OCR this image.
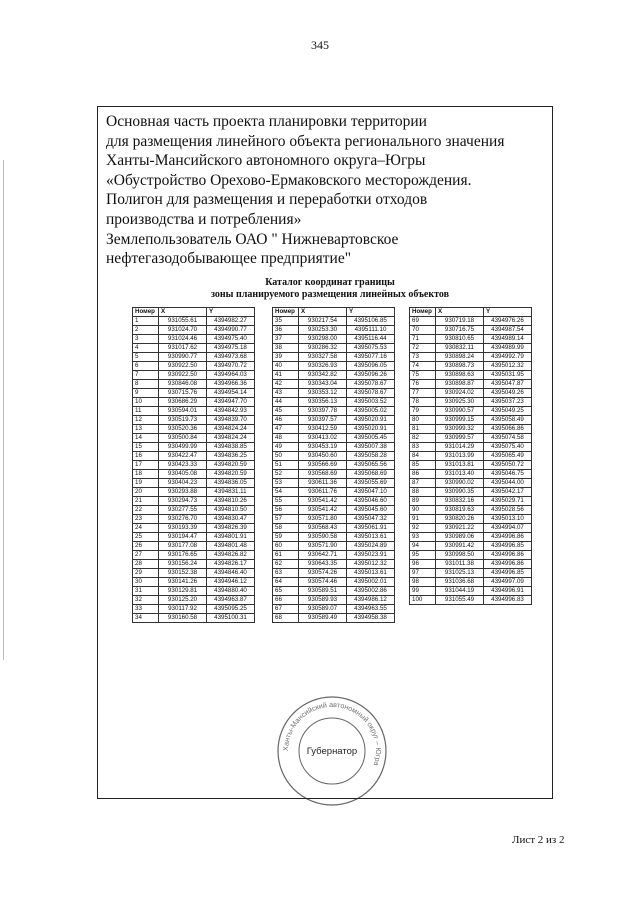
345
Основная часть проекта планировки территории
для размещения линейного объекта регионального значения
Ханты-Мансийского автономного округа–Югры
«Обустройство Орехово-Ермаковского месторождения.
Полигон для размещения и переработки отходов
производства и потребления»
Землепользователь ОАО " Нижневартовское
нефтегазодобывающее предприятие"
Каталог координат границы
зоны планируемого размещения линейных объектов
Номер	X	Y
1	931055.61	4394982.27
2	931024.70	4394990.77
3	931024.46	4394975.40
4	931017.62	4394975.18
5	930990.77	4394973.68
6	930922.50	4394970.72
7	930922.50	4394964.03
8	930846.08	4394966.36
9	930715.76	4394954.14
10	930686.29	4394947.70
11	930594.01	4394842.93
12	930519.73	4394839.70
13	930520.36	4394824.24
14	930500.84	4394824.24
15	930499.99	4394838.85
16	930422.47	4394836.25
17	930423.33	4394820.59
18	930405.08	4394820.59
19	930404.23	4394836.05
20	930293.88	4394831.11
21	930294.73	4394810.26
22	930277.55	4394810.50
23	930276.70	4394830.47
24	930193.39	4394826.39
25	930194.47	4394801.91
26	930177.08	4394801.48
27	930176.65	4394826.82
28	930156.24	4394826.17
29	930152.38	4394846.40
30	930141.26	4394946.12
31	930129.81	4394880.40
32	930125.20	4394963.87
33	930117.92	4395095.25
34	930160.58	4395100.31
Номер	X	Y
35	930217.54	4395106.85
36	930253.30	4395111.10
37	930298.00	4395116.44
38	930286.32	4395075.53
39	930327.58	4395077.16
40	930326.93	4395096.05
41	930342.82	4395096.26
42	930343.04	4395078.67
43	930353.12	4395078.67
44	930356.13	4395003.52
45	930397.78	4395005.02
46	930397.57	4395020.91
47	930412.59	4395020.91
48	930413.02	4395005.45
49	930453.19	4395007.38
50	930450.60	4395058.28
51	930566.69	4395065.56
52	930568.69	4395068.69
53	930611.36	4395055.69
54	930611.76	4395047.10
55	930541.42	4395046.60
56	930541.42	4395045.60
57	930571.80	4395047.32
58	930568.43	4395061.91
59	930590.58	4395013.61
60	930571.90	4395024.89
61	930642.71	4395023.91
62	930643.35	4395012.32
63	930574.26	4395013.61
64	930574.46	4395002.01
65	930589.51	4395002.86
66	930589.93	4394986.12
67	930589.07	4394963.55
68	930589.49	4394958.38
Номер	X	Y
69	930719.18	4394976.26
70	930716.75	4394987.54
71	930810.65	4394989.14
72	930832.11	4394989.99
73	930898.24	4394992.79
74	930898.73	4395012.32
75	930898.63	4395031.95
76	930898.87	4395047.87
77	930924.02	4395049.26
78	930925.30	4395037.23
79	930990.57	4395049.25
80	930999.15	4395058.49
81	930999.32	4395066.86
82	930999.57	4395074.58
83	931014.29	4395075.40
84	931013.99	4395065.49
85	931013.81	4395050.72
86	931013.40	4395046.75
87	930990.02	4395044.00
88	930990.35	4395042.17
89	930832.16	4395029.71
90	930819.63	4395028.56
91	930820.26	4395013.10
92	930921.22	4394994.07
93	930989.06	4394996.86
94	930991.42	4394996.85
95	930998.50	4394996.86
96	931011.38	4394996.86
97	931025.13	4394996.85
98	931036.68	4394997.09
99	931044.19	4394996.91
100	931055.49	4394996.83
Ханты-Мансийский автономный округ – Югра
Губернатор
Лист 2 из 2
